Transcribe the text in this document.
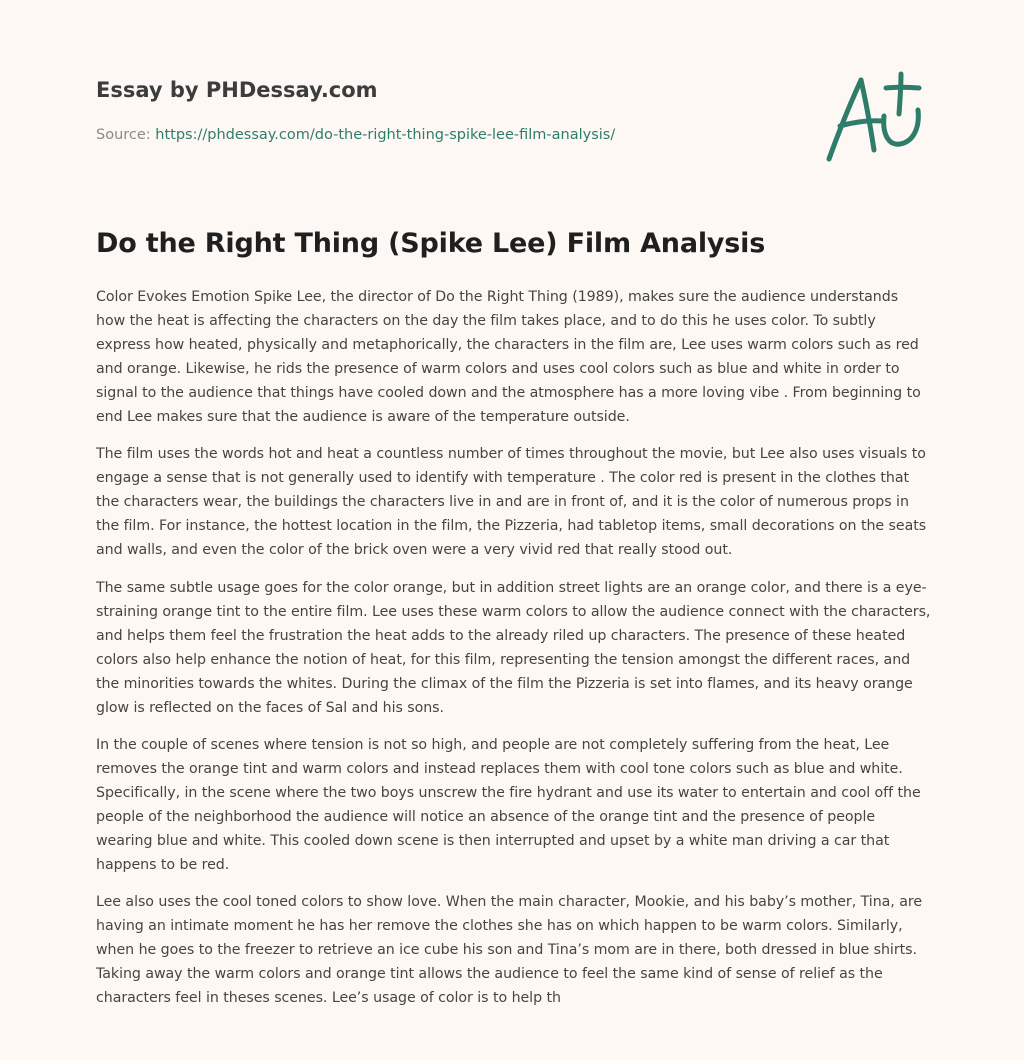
Essay by PHDessay.com
Source: https://phdessay.com/do-the-right-thing-spike-lee-film-analysis/
Do the Right Thing (Spike Lee) Film Analysis

Color Evokes Emotion Spike Lee, the director of Do the Right Thing (1989), makes sure the audience understands how the heat is affecting the characters on the day the film takes place, and to do this he uses color. To subtly express how heated, physically and metaphorically, the characters in the film are, Lee uses warm colors such as red and orange. Likewise, he rids the presence of warm colors and uses cool colors such as blue and white in order to signal to the audience that things have cooled down and the atmosphere has a more loving vibe . From beginning to end Lee makes sure that the audience is aware of the temperature outside.

The film uses the words hot and heat a countless number of times throughout the movie, but Lee also uses visuals to engage a sense that is not generally used to identify with temperature . The color red is present in the clothes that the characters wear, the buildings the characters live in and are in front of, and it is the color of numerous props in the film. For instance, the hottest location in the film, the Pizzeria, had tabletop items, small decorations on the seats and walls, and even the color of the brick oven were a very vivid red that really stood out.

The same subtle usage goes for the color orange, but in addition street lights are an orange color, and there is a eye-straining orange tint to the entire film. Lee uses these warm colors to allow the audience connect with the characters, and helps them feel the frustration the heat adds to the already riled up characters. The presence of these heated colors also help enhance the notion of heat, for this film, representing the tension amongst the different races, and the minorities towards the whites. During the climax of the film the Pizzeria is set into flames, and its heavy orange glow is reflected on the faces of Sal and his sons.

In the couple of scenes where tension is not so high, and people are not completely suffering from the heat, Lee removes the orange tint and warm colors and instead replaces them with cool tone colors such as blue and white. Specifically, in the scene where the two boys unscrew the fire hydrant and use its water to entertain and cool off the people of the neighborhood the audience will notice an absence of the orange tint and the presence of people wearing blue and white. This cooled down scene is then interrupted and upset by a white man driving a car that happens to be red.

Lee also uses the cool toned colors to show love. When the main character, Mookie, and his baby’s mother, Tina, are having an intimate moment he has her remove the clothes she has on which happen to be warm colors. Similarly, when he goes to the freezer to retrieve an ice cube his son and Tina’s mom are in there, both dressed in blue shirts. Taking away the warm colors and orange tint allows the audience to feel the same kind of sense of relief as the characters feel in theses scenes. Lee’s usage of color is to help th
